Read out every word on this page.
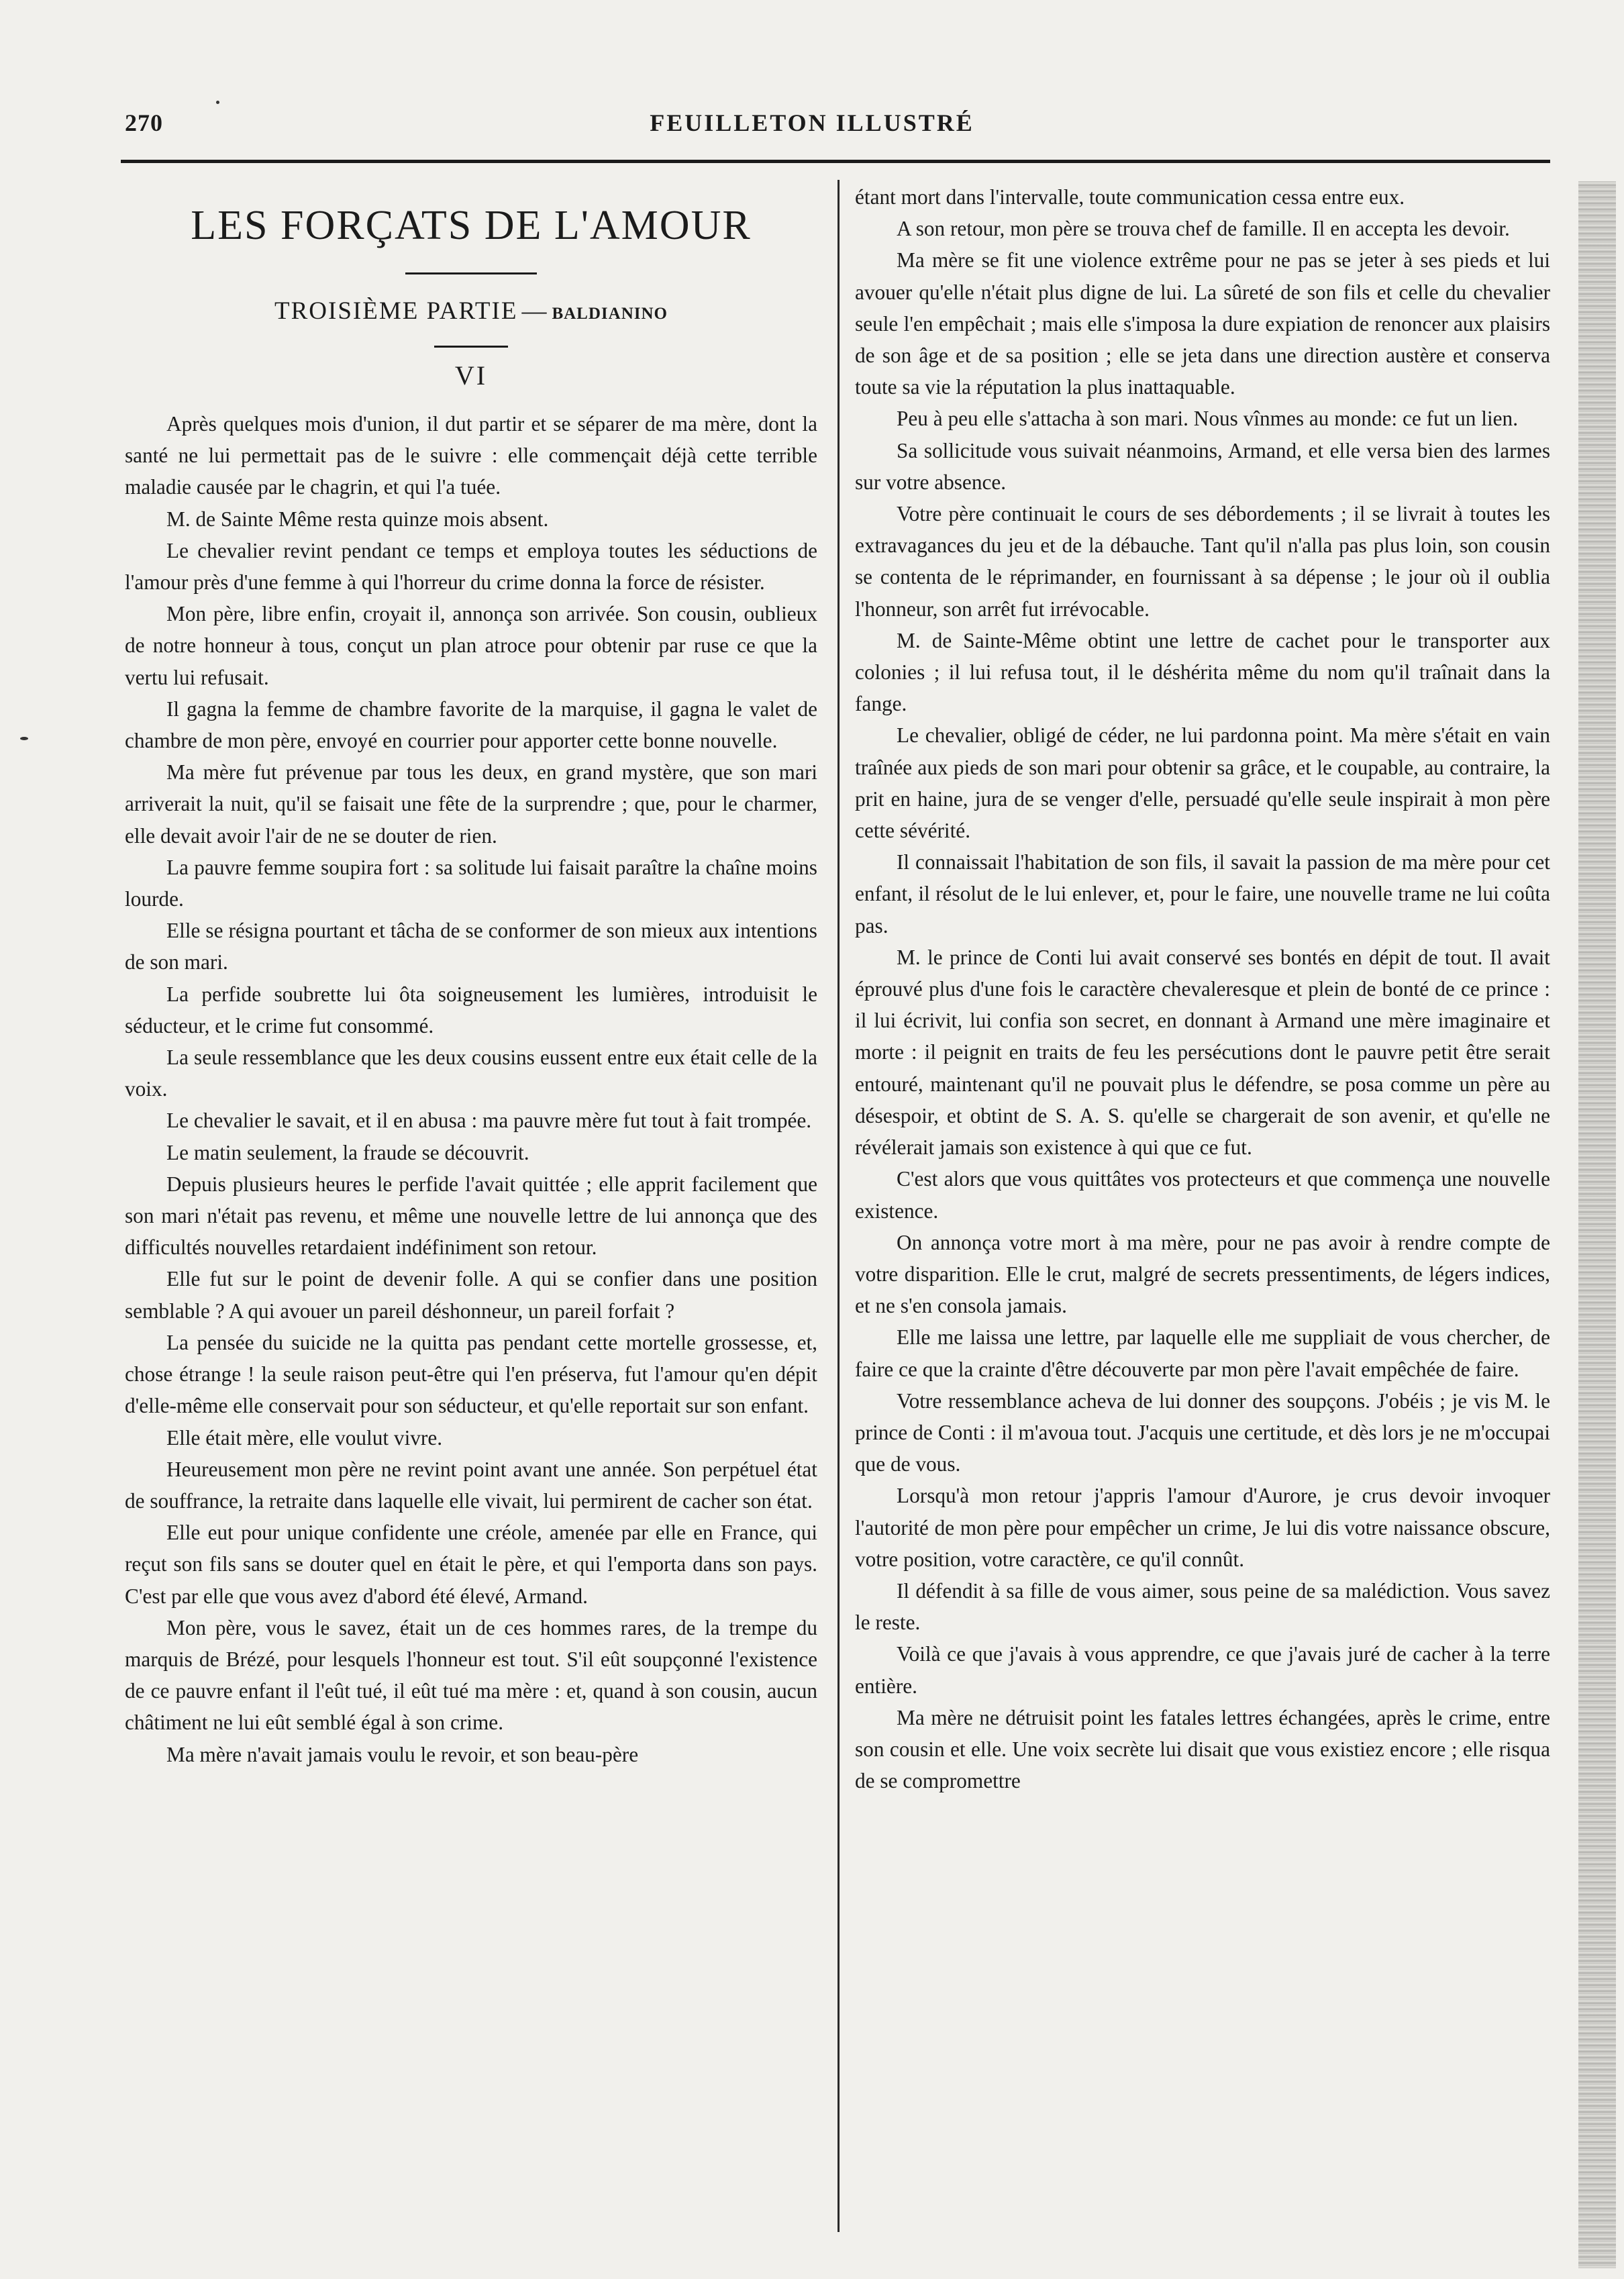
270	FEUILLETON ILLUSTRÉ
LES FORÇATS DE L'AMOUR
TROISIÈME PARTIE — BALDIANINO
VI

Après quelques mois d'union, il dut partir et se séparer de ma mère, dont la santé ne lui permettait pas de le suivre : elle commençait déjà cette terrible maladie causée par le chagrin, et qui l'a tuée.

M. de Sainte Même resta quinze mois absent.

Le chevalier revint pendant ce temps et employa toutes les séductions de l'amour près d'une femme à qui l'horreur du crime donna la force de résister.

Mon père, libre enfin, croyait il, annonça son arrivée. Son cousin, oublieux de notre honneur à tous, conçut un plan atroce pour obtenir par ruse ce que la vertu lui refusait.

Il gagna la femme de chambre favorite de la marquise, il gagna le valet de chambre de mon père, envoyé en courrier pour apporter cette bonne nouvelle.

Ma mère fut prévenue par tous les deux, en grand mystère, que son mari arriverait la nuit, qu'il se faisait une fête de la surprendre ; que, pour le charmer, elle devait avoir l'air de ne se douter de rien.

La pauvre femme soupira fort : sa solitude lui faisait paraître la chaîne moins lourde.

Elle se résigna pourtant et tâcha de se conformer de son mieux aux intentions de son mari.

La perfide soubrette lui ôta soigneusement les lumières, introduisit le séducteur, et le crime fut consommé.

La seule ressemblance que les deux cousins eussent entre eux était celle de la voix.

Le chevalier le savait, et il en abusa : ma pauvre mère fut tout à fait trompée.

Le matin seulement, la fraude se découvrit.

Depuis plusieurs heures le perfide l'avait quittée ; elle apprit facilement que son mari n'était pas revenu, et même une nouvelle lettre de lui annonça que des difficultés nouvelles retardaient indéfiniment son retour.

Elle fut sur le point de devenir folle. A qui se confier dans une position semblable ? A qui avouer un pareil déshonneur, un pareil forfait ?

La pensée du suicide ne la quitta pas pendant cette mortelle grossesse, et, chose étrange ! la seule raison peut-être qui l'en préserva, fut l'amour qu'en dépit d'elle-même elle conservait pour son séducteur, et qu'elle reportait sur son enfant.

Elle était mère, elle voulut vivre.

Heureusement mon père ne revint point avant une année. Son perpétuel état de souffrance, la retraite dans laquelle elle vivait, lui permirent de cacher son état.

Elle eut pour unique confidente une créole, amenée par elle en France, qui reçut son fils sans se douter quel en était le père, et qui l'emporta dans son pays. C'est par elle que vous avez d'abord été élevé, Armand.

Mon père, vous le savez, était un de ces hommes rares, de la trempe du marquis de Brézé, pour lesquels l'honneur est tout. S'il eût soupçonné l'existence de ce pauvre enfant il l'eût tué, il eût tué ma mère : et, quand à son cousin, aucun châtiment ne lui eût semblé égal à son crime.

Ma mère n'avait jamais voulu le revoir, et son beau-père

étant mort dans l'intervalle, toute communication cessa entre eux.

A son retour, mon père se trouva chef de famille. Il en accepta les devoir.

Ma mère se fit une violence extrême pour ne pas se jeter à ses pieds et lui avouer qu'elle n'était plus digne de lui. La sûreté de son fils et celle du chevalier seule l'en empêchait ; mais elle s'imposa la dure expiation de renoncer aux plaisirs de son âge et de sa position ; elle se jeta dans une direction austère et conserva toute sa vie la réputation la plus inattaquable.

Peu à peu elle s'attacha à son mari. Nous vînmes au monde: ce fut un lien.

Sa sollicitude vous suivait néanmoins, Armand, et elle versa bien des larmes sur votre absence.

Votre père continuait le cours de ses débordements ; il se livrait à toutes les extravagances du jeu et de la débauche. Tant qu'il n'alla pas plus loin, son cousin se contenta de le réprimander, en fournissant à sa dépense ; le jour où il oublia l'honneur, son arrêt fut irrévocable.

M. de Sainte-Même obtint une lettre de cachet pour le transporter aux colonies ; il lui refusa tout, il le déshérita même du nom qu'il traînait dans la fange.

Le chevalier, obligé de céder, ne lui pardonna point. Ma mère s'était en vain traînée aux pieds de son mari pour obtenir sa grâce, et le coupable, au contraire, la prit en haine, jura de se venger d'elle, persuadé qu'elle seule inspirait à mon père cette sévérité.

Il connaissait l'habitation de son fils, il savait la passion de ma mère pour cet enfant, il résolut de le lui enlever, et, pour le faire, une nouvelle trame ne lui coûta pas.

M. le prince de Conti lui avait conservé ses bontés en dépit de tout. Il avait éprouvé plus d'une fois le caractère chevaleresque et plein de bonté de ce prince : il lui écrivit, lui confia son secret, en donnant à Armand une mère imaginaire et morte : il peignit en traits de feu les persécutions dont le pauvre petit être serait entouré, maintenant qu'il ne pouvait plus le défendre, se posa comme un père au désespoir, et obtint de S. A. S. qu'elle se chargerait de son avenir, et qu'elle ne révélerait jamais son existence à qui que ce fut.

C'est alors que vous quittâtes vos protecteurs et que commença une nouvelle existence.

On annonça votre mort à ma mère, pour ne pas avoir à rendre compte de votre disparition. Elle le crut, malgré de secrets pressentiments, de légers indices, et ne s'en consola jamais.

Elle me laissa une lettre, par laquelle elle me suppliait de vous chercher, de faire ce que la crainte d'être découverte par mon père l'avait empêchée de faire.

Votre ressemblance acheva de lui donner des soupçons. J'obéis ; je vis M. le prince de Conti : il m'avoua tout. J'acquis une certitude, et dès lors je ne m'occupai que de vous.

Lorsqu'à mon retour j'appris l'amour d'Aurore, je crus devoir invoquer l'autorité de mon père pour empêcher un crime, Je lui dis votre naissance obscure, votre position, votre caractère, ce qu'il connût.

Il défendit à sa fille de vous aimer, sous peine de sa malédiction. Vous savez le reste.

Voilà ce que j'avais à vous apprendre, ce que j'avais juré de cacher à la terre entière.

Ma mère ne détruisit point les fatales lettres échangées, après le crime, entre son cousin et elle. Une voix secrète lui disait que vous existiez encore ; elle risqua de se compromettre
